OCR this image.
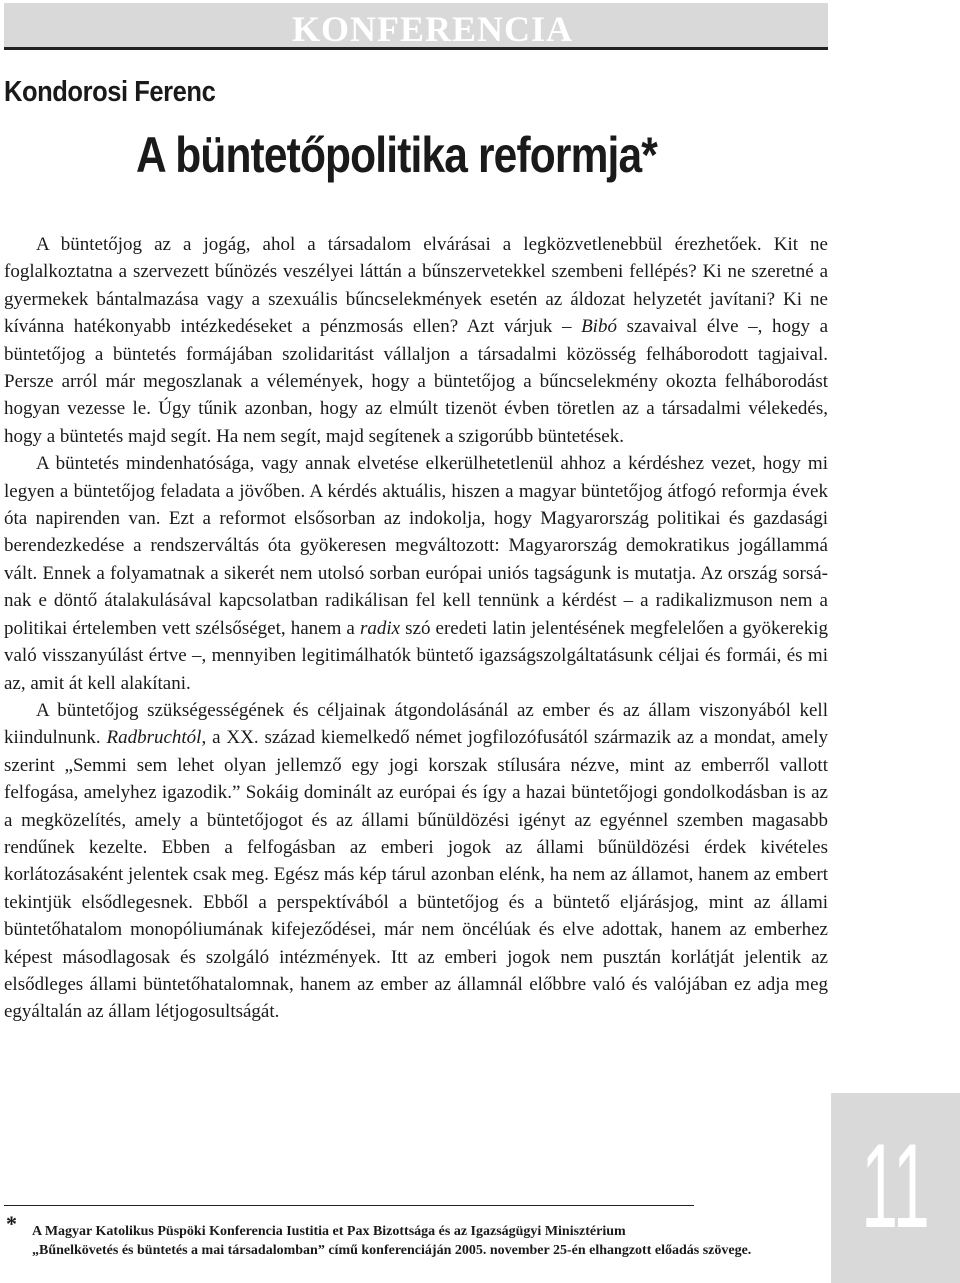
KONFERENCIA
Kondorosi Ferenc
A büntetőpolitika reformja*

A büntetőjog az a jogág, ahol a társadalom elvárásai a legközvetlenebbül érezhetőek. Kit ne foglalkoztatna a szervezett bűnözés veszélyei láttán a bűnszervetekkel szembeni fellépés? Ki ne szeretné a gyermekek bántalmazása vagy a szexuális bűncselekmények esetén az áldozat helyzetét javítani? Ki ne kívánna hatékonyabb intézkedéseket a pénzmosás ellen? Azt várjuk – Bibó szavaival élve –, hogy a büntetőjog a büntetés formájában szolidaritást vállaljon a társadalmi közösség felháborodott tagjaival. Persze arról már megoszlanak a vélemények, hogy a büntetőjog a bűncselekmény okozta felháborodást hogyan vezesse le. Úgy tűnik azonban, hogy az elmúlt tizenöt évben töretlen az a társadalmi vélekedés, hogy a büntetés majd segít. Ha nem segít, majd segítenek a szigorúbb büntetések.

A büntetés mindenhatósága, vagy annak elvetése elkerülhetetlenül ahhoz a kérdéshez vezet, hogy mi legyen a büntetőjog feladata a jövőben. A kérdés aktuális, hiszen a magyar büntetőjog átfogó reformja évek óta napirenden van. Ezt a reformot elsősorban az indokolja, hogy Magyarország politikai és gazdasági berendezkedése a rendszerváltás óta gyökeresen megváltozott: Magyarország demokratikus jogállammá vált. Ennek a folyamatnak a sikerét nem utolsó sorban európai uniós tagságunk is mutatja. Az ország sorsának e döntő átalakulásával kapcsolatban radikálisan fel kell tennünk a kérdést – a radikalizmuson nem a politikai értelemben vett szélsőséget, hanem a radix szó eredeti latin jelentésének megfelelően a gyökerekig való visszanyúlást értve –, mennyiben legitimálhatók büntető igazságszolgáltatásunk céljai és formái, és mi az, amit át kell alakítani.

A büntetőjog szükségességének és céljainak átgondolásánál az ember és az állam viszonyából kell kiindulnunk. Radbruchtól, a XX. század kiemelkedő német jogfilozófusától származik az a mondat, amely szerint „Semmi sem lehet olyan jellemző egy jogi korszak stílusára nézve, mint az emberről vallott felfogása, amelyhez igazodik.” Sokáig dominált az európai és így a hazai büntetőjogi gondolkodásban is az a megközelítés, amely a büntetőjogot és az állami bűnüldözési igényt az egyénnel szemben magasabb rendűnek kezelte. Ebben a felfogásban az emberi jogok az állami bűnüldözési érdek kivételes korlátozásaként jelentek csak meg. Egész más kép tárul azonban elénk, ha nem az államot, hanem az embert tekintjük elsődlegesnek. Ebből a perspektívából a büntetőjog és a büntető eljárásjog, mint az állami büntetőhatalom monopóliumának kifejeződései, már nem öncélúak és elve adottak, hanem az emberhez képest másodlagosak és szolgáló intézmények. Itt az emberi jogok nem pusztán korlátját jelentik az elsődleges állami büntetőhatalomnak, hanem az ember az államnál előbbre való és valójában ez adja meg egyáltalán az állam létjogosultságát.

* A Magyar Katolikus Püspöki Konferencia Iustitia et Pax Bizottsága és az Igazságügyi Minisztérium
„Bűnelkövetés és büntetés a mai társadalomban” című konferenciáján 2005. november 25-én elhangzott előadás szövege. 11
